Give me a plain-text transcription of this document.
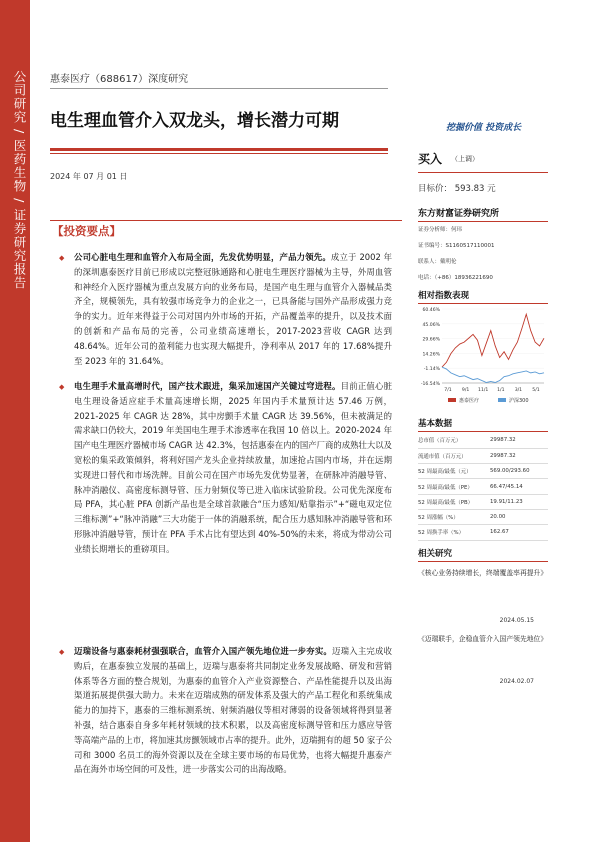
公司研究 / 医药生物 / 证券研究报告 惠泰医疗（688617）深度研究
电生理血管介入双龙头，增长潜力可期
2024 年 07 月 01 日
挖掘价值 投资成长
买入 （上调）
目标价： 593.83 元
东方财富证券研究所
证券分析师：何玮
证书编号：S1160517110001
联系人：戴明伦
电话：（+86）18936221690
【投资要点】
◆	公司心脏电生理和血管介入布局全面，先发优势明显，产品力领先。成立于 2002 年的深圳惠泰医疗目前已形成以完整冠脉通路和心脏电生理医疗器械为主导，外周血管和神经介入医疗器械为重点发展方向的业务布局，是国产电生理与血管介入器械品类齐全，规模领先，具有较强市场竞争力的企业之一，已具备能与国外产品形成强力竞争的实力。近年来得益于公司对国内外市场的开拓，产品覆盖率的提升，以及技术面的创新和产品布局的完善，公司业绩高速增长，2017-2023营收 CAGR 达到 48.64%。近年公司的盈利能力也实现大幅提升，净利率从 2017 年的 17.68%提升至 2023 年的 31.64%。
◆	电生理手术量高增时代，国产技术跟进，集采加速国产关键过穹进程。目前正值心脏电生理设备适应症手术量高速增长期，2025 年国内手术量预计达 57.46 万例，2021-2025 年 CAGR 达 28%，其中房颤手术量 CAGR 达 39.56%，但未被满足的需求缺口仍较大，2019 年美国电生理手术渗透率在我国 10 倍以上。2020-2024 年国产电生理医疗器械市场 CAGR 达 42.3%，包括惠泰在内的国产厂商的成熟壮大以及宽松的集采政策倾斜，将利好国产龙头企业持续放量，加速抢占国内市场，并在远期实现进口替代和市场洗牌。目前公司在国产市场先发优势显著，在研脉冲消融导管、脉冲消融仪、高密度标测导管、压力射频仪等已进入临床试验阶段。公司优先深度布局 PFA，其心脏 PFA 创新产品也是全球首款融合“压力感知/贴靠指示”+“磁电双定位三维标测”+“脉冲消融”三大功能于一体的消融系统，配合压力感知脉冲消融导管和环形脉冲消融导管，预计在 PFA 手术占比有望达到 40%-50%的未来，将成为带动公司业绩长期增长的重磅项目。
◆	迈瑞设备与惠泰耗材强强联合，血管介入国产领先地位进一步夯实。迈瑞入主完成收购后，在惠泰独立发展的基础上，迈瑞与惠泰将共同制定业务发展战略、研发和营销体系等各方面的整合规划，为惠泰的血管介入产业资源整合、产品性能提升以及出海渠道拓展提供强大助力。未来在迈瑞成熟的研发体系及强大的产品工程化和系统集成能力的加持下，惠泰的三维标测系统、射频消融仪等相对薄弱的设备领域将得到显著补强，结合惠泰自身多年耗材领域的技术积累，以及高密度标测导管和压力感应导管等高端产品的上市，将加速其房颤领域市占率的提升。此外，迈瑞拥有的超 50 家子公司和 3000 名员工的海外资源以及在全球主要市场的布局优势，也将大幅提升惠泰产品在海外市场空间的可及性，进一步落实公司的出海战略。
相对指数表现
60.46%
45.06%
29.66%
14.26%
-1.14%
-16.54%
7/1 9/1 11/1 1/1 3/1 5/1
惠泰医疗	沪深300
基本数据
总市值（百万元）	29987.32
流通市值（百万元）	29987.32
52 周最高/最低（元）	569.00/293.60
52 周最高/最低（PE）	66.47/45.14
52 周最高/最低（PB）	19.91/11.23
52 周涨幅（%）	20.00
52 周换手率（%）	162.67
相关研究
《核心业务持续增长，终端覆盖率再提升》
2024.05.15
《迈瑞联手，企稳血管介入国产领先地位》
2024.02.07
